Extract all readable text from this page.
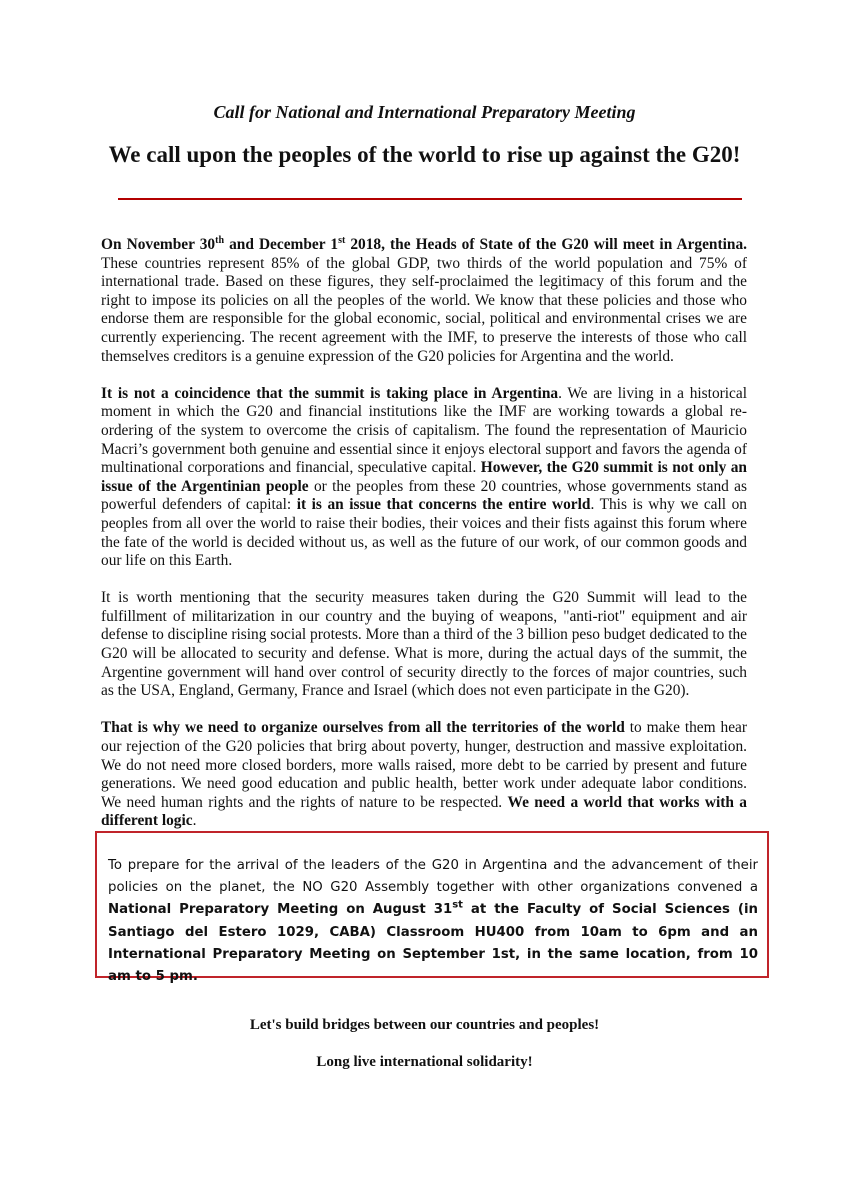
Call for National and International Preparatory Meeting
We call upon the peoples of the world to rise up against the G20!

On November 30th and December 1st 2018, the Heads of State of the G20 will meet in Argentina. These countries represent 85% of the global GDP, two thirds of the world population and 75% of international trade. Based on these figures, they self-proclaimed the legitimacy of this forum and the right to impose its policies on all the peoples of the world. We know that these policies and those who endorse them are responsible for the global economic, social, political and environmental crises we are currently experiencing. The recent agreement with the IMF, to preserve the interests of those who call themselves creditors is a genuine expression of the G20 policies for Argentina and the world.

It is not a coincidence that the summit is taking place in Argentina. We are living in a historical moment in which the G20 and financial institutions like the IMF are working towards a global re-ordering of the system to overcome the crisis of capitalism. The found the representation of Mauricio Macri’s government both genuine and essential since it enjoys electoral support and favors the agenda of multinational corporations and financial, speculative capital. However, the G20 summit is not only an issue of the Argentinian people or the peoples from these 20 countries, whose governments stand as powerful defenders of capital: it is an issue that concerns the entire world. This is why we call on peoples from all over the world to raise their bodies, their voices and their fists against this forum where the fate of the world is decided without us, as well as the future of our work, of our common goods and our life on this Earth.

It is worth mentioning that the security measures taken during the G20 Summit will lead to the fulfillment of militarization in our country and the buying of weapons, "anti-riot" equipment and air defense to discipline rising social protests. More than a third of the 3 billion peso budget dedicated to the G20 will be allocated to security and defense. What is more, during the actual days of the summit, the Argentine government will hand over control of security directly to the forces of major countries, such as the USA, England, Germany, France and Israel (which does not even participate in the G20).

That is why we need to organize ourselves from all the territories of the world to make them hear our rejection of the G20 policies that brirg about poverty, hunger, destruction and massive exploitation. We do not need more closed borders, more walls raised, more debt to be carried by present and future generations. We need good education and public health, better work under adequate labor conditions. We need human rights and the rights of nature to be respected. We need a world that works with a different logic.

To prepare for the arrival of the leaders of the G20 in Argentina and the advancement of their policies on the planet, the NO G20 Assembly together with other organizations convened a National Preparatory Meeting on August 31st at the Faculty of Social Sciences (in Santiago del Estero 1029, CABA) Classroom HU400 from 10am to 6pm and an International Preparatory Meeting on September 1st, in the same location, from 10 am to 5 pm.
Let's build bridges between our countries and peoples!
Long live international solidarity!
